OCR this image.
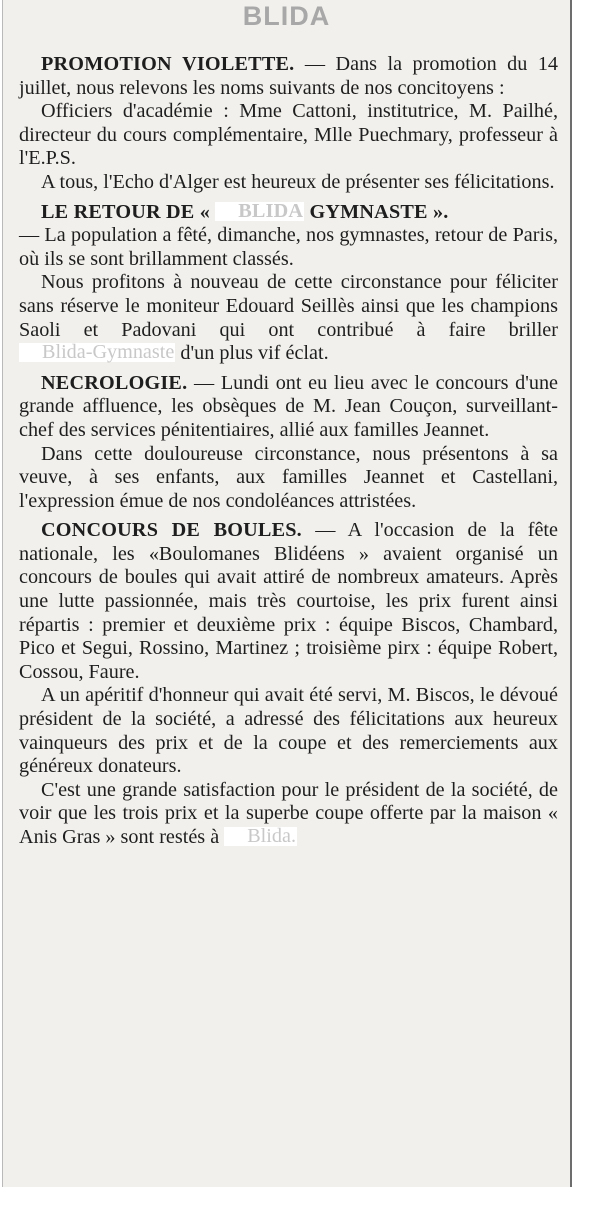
BLIDA

PROMOTION VIOLETTE. — Dans la promotion du 14 juillet, nous relevons les noms suivants de nos concitoyens :

Officiers d'académie : Mme Cattoni, institutrice, M. Pailhé, directeur du cours complémentaire, Mlle Puechmary, professeur à l'E.P.S.

A tous, l'Echo d'Alger est heureux de présenter ses félicitations.

LE RETOUR DE « BLIDA GYMNASTE ».

— La population a fêté, dimanche, nos gymnastes, retour de Paris, où ils se sont brillamment classés.

Nous profitons à nouveau de cette circonstance pour féliciter sans réserve le moniteur Edouard Seillès ainsi que les champions Saoli et Padovani qui ont contribué à faire briller Blida-Gymnaste d'un plus vif éclat.

NECROLOGIE. — Lundi ont eu lieu avec le concours d'une grande affluence, les obsèques de M. Jean Couçon, surveillant-chef des services pénitentiaires, allié aux familles Jeannet.

Dans cette douloureuse circonstance, nous présentons à sa veuve, à ses enfants, aux familles Jeannet et Castellani, l'expression émue de nos condoléances attristées.

CONCOURS DE BOULES. — A l'occasion de la fête nationale, les «Boulomanes Blidéens » avaient organisé un concours de boules qui avait attiré de nombreux amateurs. Après une lutte passionnée, mais très courtoise, les prix furent ainsi répartis : premier et deuxième prix : équipe Biscos, Chambard, Pico et Segui, Rossino, Martinez ; troisième pirx : équipe Robert, Cossou, Faure.

A un apéritif d'honneur qui avait été servi, M. Biscos, le dévoué président de la société, a adressé des félicitations aux heureux vainqueurs des prix et de la coupe et des remerciements aux généreux donateurs.

C'est une grande satisfaction pour le président de la société, de voir que les trois prix et la superbe coupe offerte par la maison « Anis Gras » sont restés à Blida.
